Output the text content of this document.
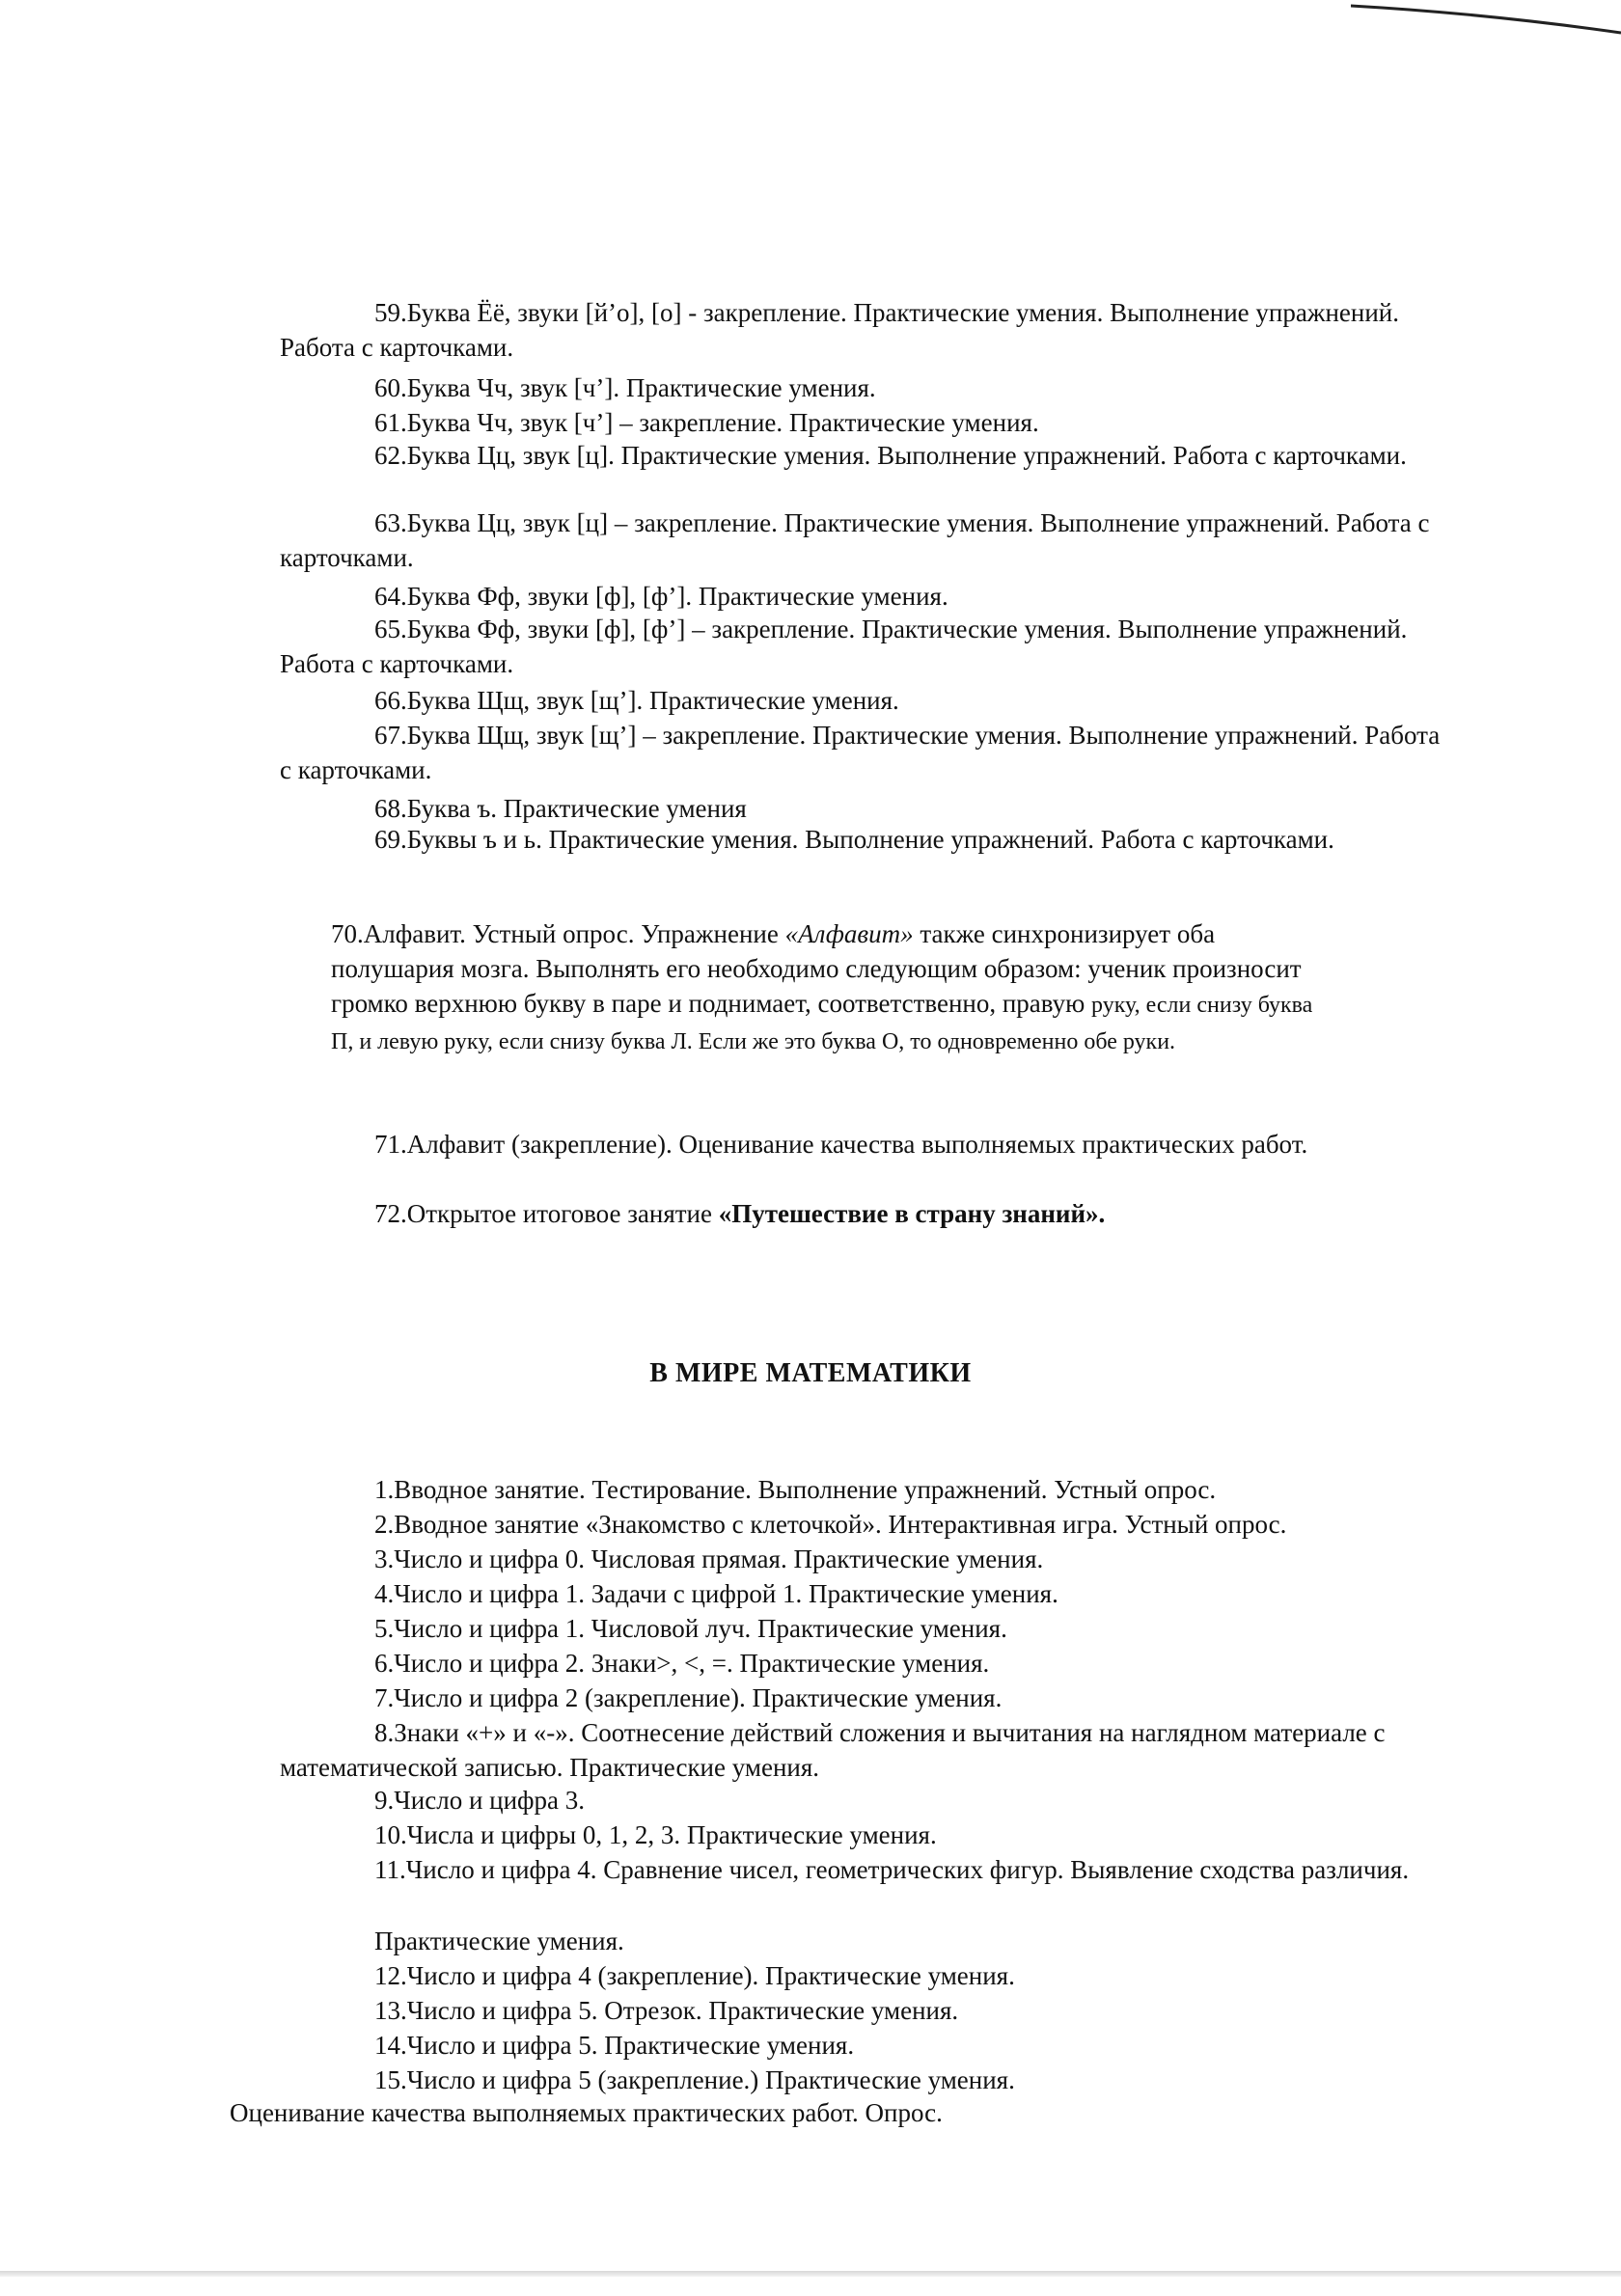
59.Буква Ёё, звуки [й’о], [о] - закрепление. Практические умения. Выполнение упражнений. Работа с карточками.

60.Буква Чч, звук [ч’]. Практические умения.

61.Буква Чч, звук [ч’] – закрепление. Практические умения.

62.Буква Цц, звук [ц]. Практические умения. Выполнение упражнений. Работа с карточками.

63.Буква Цц, звук [ц] – закрепление. Практические умения. Выполнение упражнений. Работа с карточками.

64.Буква Фф, звуки [ф], [ф’]. Практические умения.

65.Буква Фф, звуки [ф], [ф’] – закрепление. Практические умения. Выполнение упражнений. Работа с карточками.

66.Буква Щщ, звук [щ’]. Практические умения.

67.Буква Щщ, звук [щ’] – закрепление. Практические умения. Выполнение упражнений. Работа с карточками.

68.Буква ъ. Практические умения

69.Буквы ъ и ь. Практические умения. Выполнение упражнений. Работа с карточками.

70.Алфавит. Устный опрос. Упражнение «Алфавит» также синхронизирует оба полушария мозга. Выполнять его необходимо следующим образом: ученик произносит громко верхнюю букву в паре и поднимает, соответственно, правую руку, если снизу буква П, и левую руку, если снизу буква Л. Если же это буква О, то одновременно обе руки.

71.Алфавит (закрепление). Оценивание качества выполняемых практических работ.

72.Открытое итоговое занятие «Путешествие в страну знаний».

В МИРЕ МАТЕМАТИКИ

1.Вводное занятие. Тестирование. Выполнение упражнений. Устный опрос.

2.Вводное занятие «Знакомство с клеточкой». Интерактивная игра. Устный опрос.

3.Число и цифра 0. Числовая прямая. Практические умения.

4.Число и цифра 1. Задачи с цифрой 1. Практические умения.

5.Число и цифра 1. Числовой луч. Практические умения.

6.Число и цифра 2. Знаки>, <, =. Практические умения.

7.Число и цифра 2 (закрепление). Практические умения.

8.Знаки «+» и «-». Соотнесение действий сложения и вычитания на наглядном материале с математической записью. Практические умения.

9.Число и цифра 3.

10.Числа и цифры 0, 1, 2, 3. Практические умения.

11.Число и цифра 4. Сравнение чисел, геометрических фигур. Выявление сходства различия.

Практические умения.

12.Число и цифра 4 (закрепление). Практические умения.

13.Число и цифра 5. Отрезок. Практические умения.

14.Число и цифра 5. Практические умения.

15.Число и цифра 5 (закрепление.) Практические умения.

Оценивание качества выполняемых практических работ. Опрос.
